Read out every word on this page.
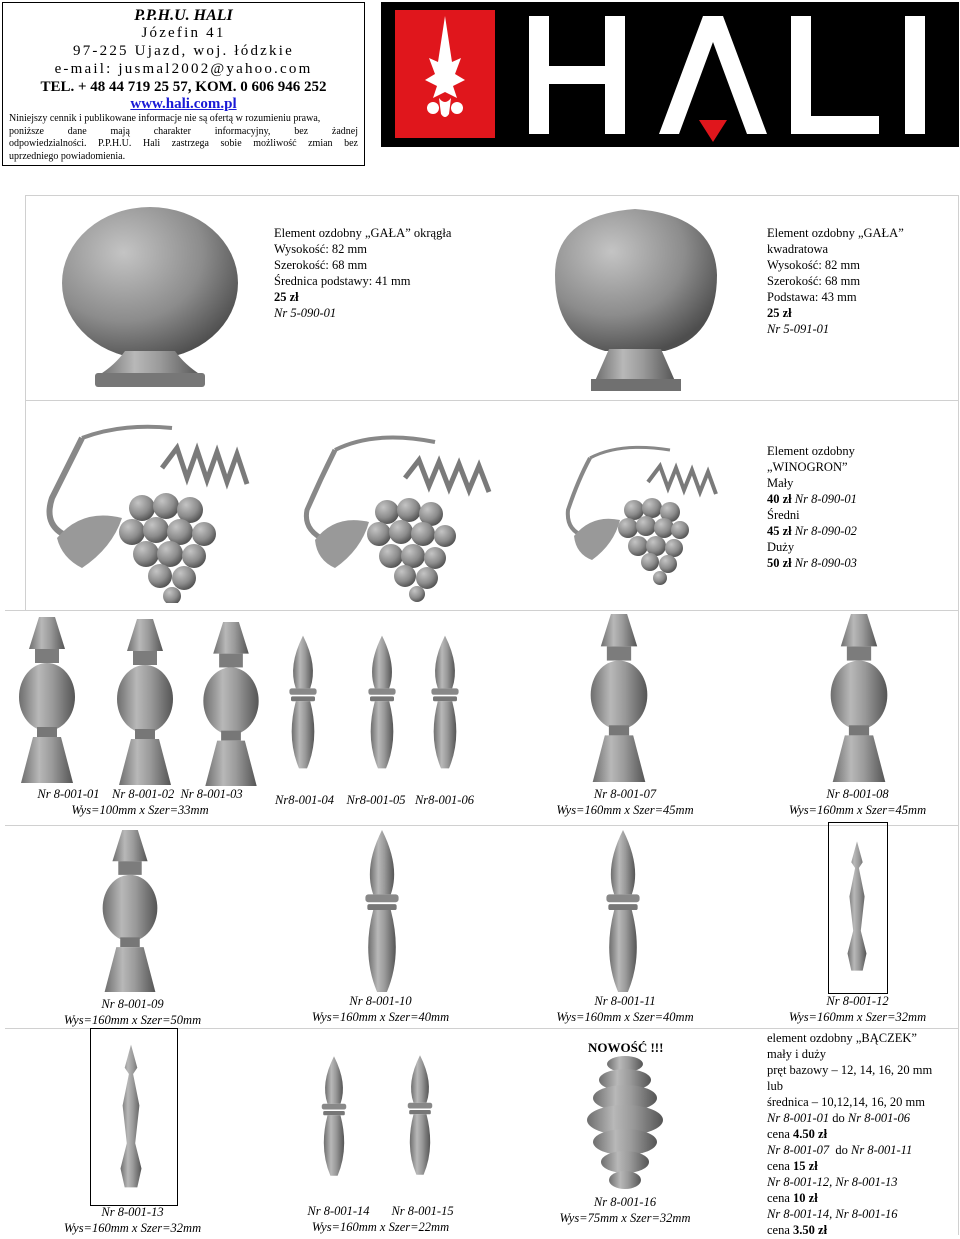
P.P.H.U. HALI
Józefin 41
97-225 Ujazd, woj. łódzkie
e-mail: jusmal2002@yahoo.com
TEL. + 48 44 719 25 57, KOM. 0 606 946 252
www.hali.com.pl
Niniejszy cennik i publikowane informacje nie są ofertą w rozumieniu prawa,
poniższe dane mają charakter informacyjny, bez żadnej
odpowiedzialności. P.P.H.U. Hali zastrzega sobie możliwość zmian bez
uprzedniego powiadomienia.
Element ozdobny „GAŁA” okrągła
Wysokość: 82 mm
Szerokość: 68 mm
Średnica podstawy: 41 mm
25 zł
Nr 5-090-01
Element ozdobny „GAŁA”
kwadratowa
Wysokość: 82 mm
Szerokość: 68 mm
Podstawa: 43 mm
25 zł
Nr 5-091-01
Element ozdobny
„WINOGRON”
Mały
40 zł Nr 8-090-01
Średni
45 zł Nr 8-090-02
Duży
50 zł Nr 8-090-03
Nr 8-001-01 Nr 8-001-02 Nr 8-001-03
Wys=100mm x Szer=33mm
Nr8-001-04 Nr8-001-05 Nr8-001-06	Nr 8-001-07
Wys=160mm x Szer=45mm
Nr 8-001-08
Wys=160mm x Szer=45mm
Nr 8-001-09
Wys=160mm x Szer=50mm
Nr 8-001-10
Wys=160mm x Szer=40mm
Nr 8-001-11
Wys=160mm x Szer=40mm
Nr 8-001-12
Wys=160mm x Szer=32mm
Nr 8-001-13
Wys=160mm x Szer=32mm
Nr 8-001-14 Nr 8-001-15
Wys=160mm x Szer=22mm
NOWOŚĆ !!!
Nr 8-001-16
Wys=75mm x Szer=32mm
element ozdobny „BĄCZEK”
mały i duży
pręt bazowy – 12, 14, 16, 20 mm
lub
średnica – 10,12,14, 16, 20 mm
Nr 8-001-01 do Nr 8-001-06
cena 4.50 zł
Nr 8-001-07 do Nr 8-001-11
cena 15 zł
Nr 8-001-12, Nr 8-001-13
cena 10 zł
Nr 8-001-14, Nr 8-001-16
cena 3.50 zł
